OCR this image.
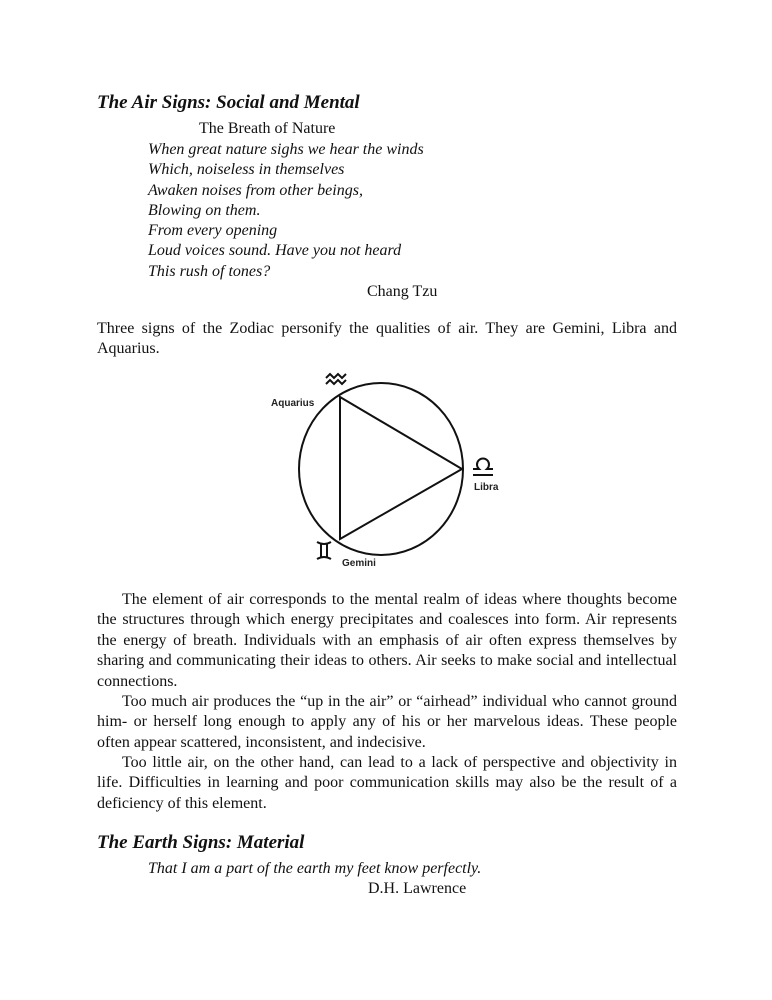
The Air Signs: Social and Mental
The Breath of Nature
When great nature sighs we hear the winds
Which, noiseless in themselves
Awaken noises from other beings,
Blowing on them.
From every opening
Loud voices sound. Have you not heard
This rush of tones?
Chang Tzu

Three signs of the Zodiac personify the qualities of air. They are Gemini, Libra and Aquarius.

Aquarius
Libra
Gemini

The element of air corresponds to the mental realm of ideas where thoughts become the structures through which energy precipitates and coalesces into form. Air represents the energy of breath. Individuals with an emphasis of air often express themselves by sharing and communicating their ideas to others. Air seeks to make social and intellectual connections.

Too much air produces the “up in the air” or “airhead” individual who cannot ground him- or herself long enough to apply any of his or her marvelous ideas. These people often appear scattered, inconsistent, and indecisive.

Too little air, on the other hand, can lead to a lack of perspective and objectivity in life. Difficulties in learning and poor communication skills may also be the result of a deficiency of this element.

The Earth Signs: Material
That I am a part of the earth my feet know perfectly.
D.H. Lawrence
